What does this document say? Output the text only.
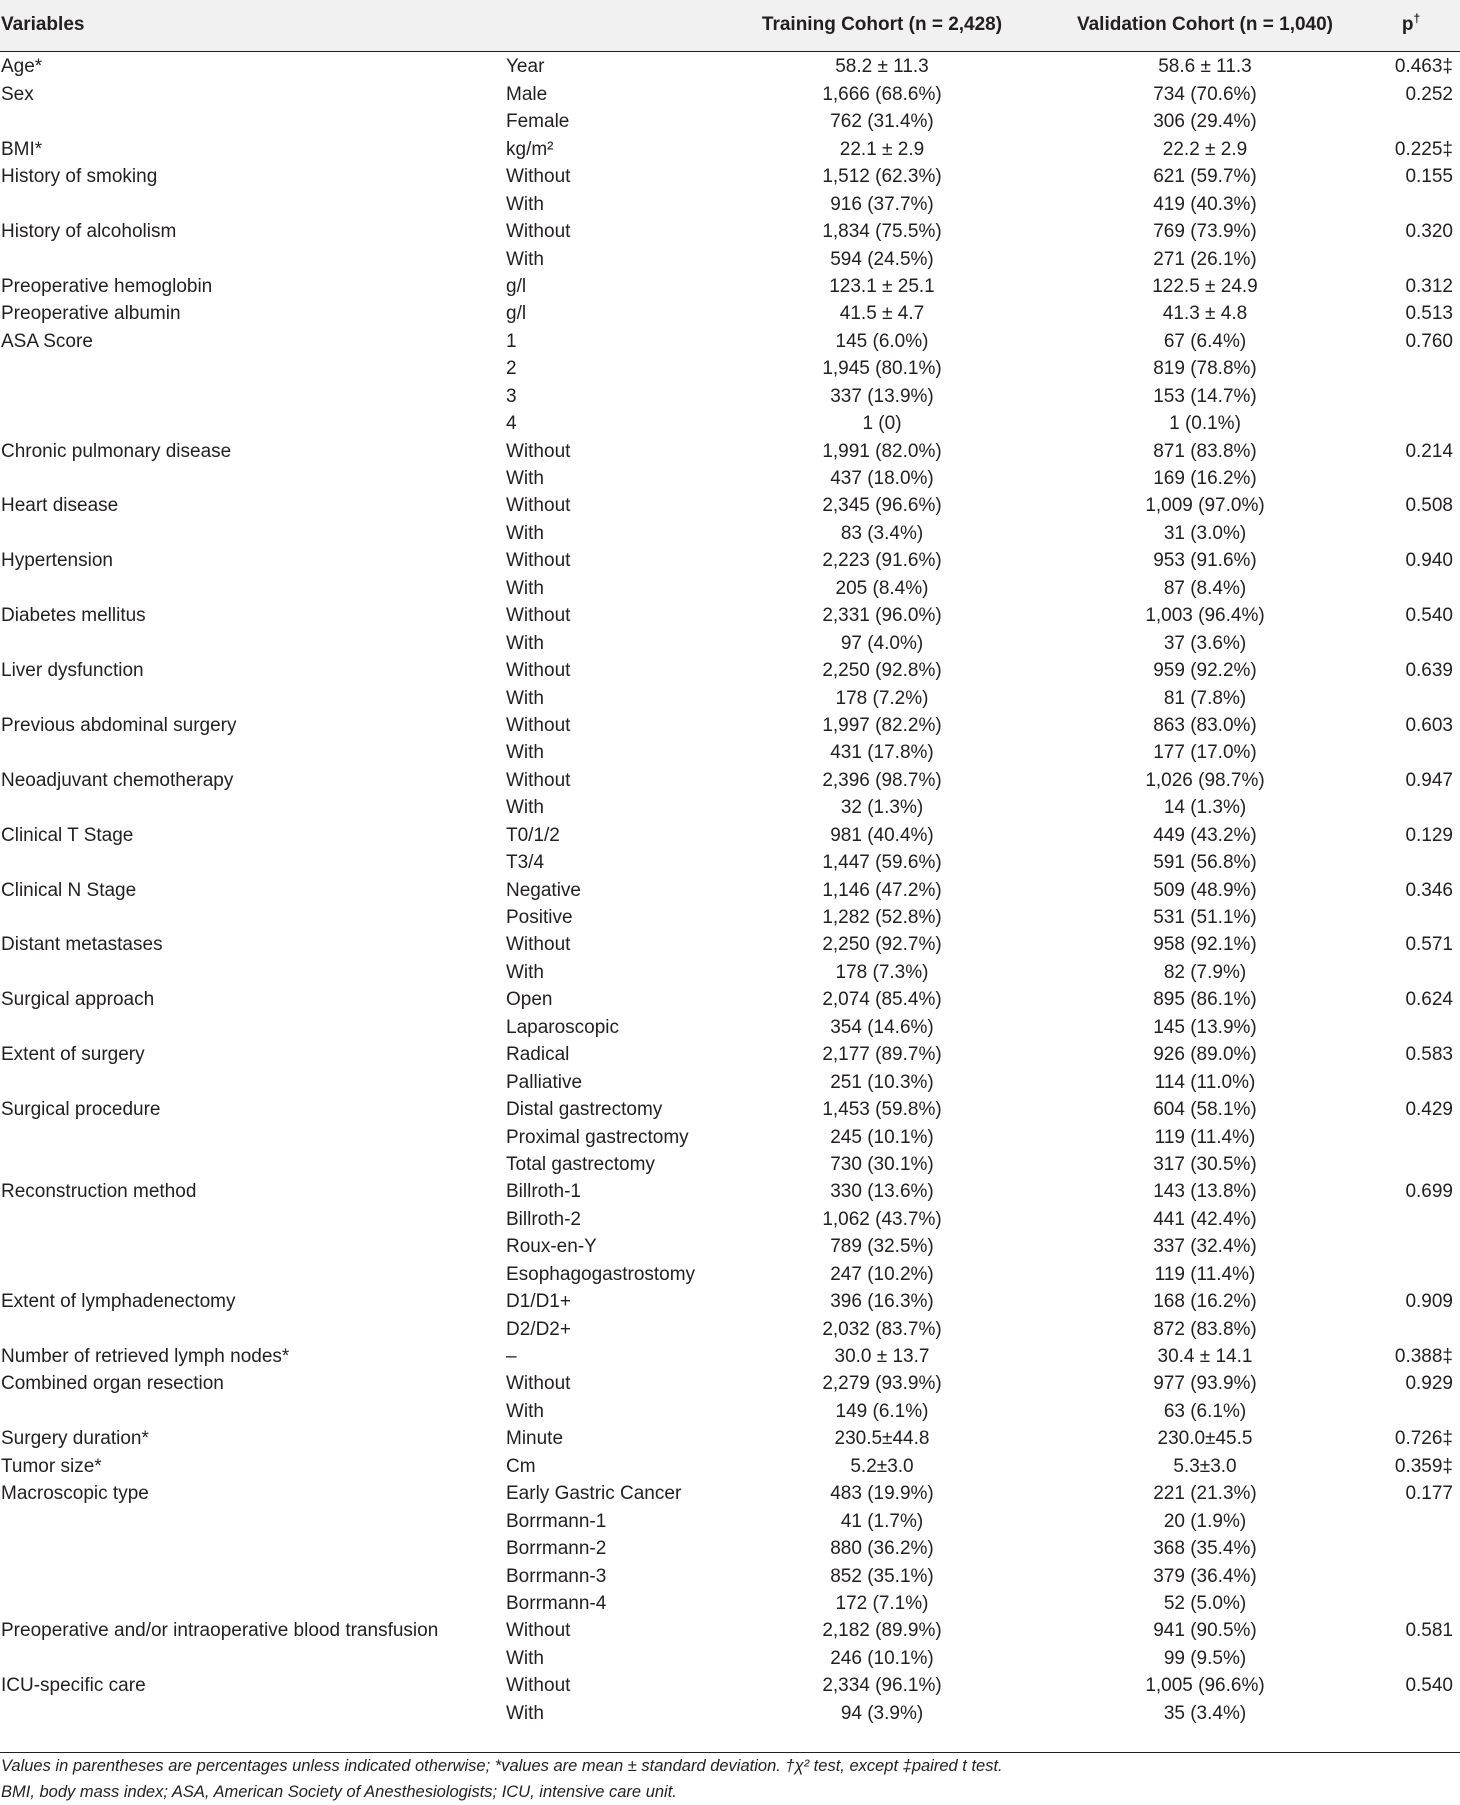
Variables		Training Cohort (n = 2,428)	Validation Cohort (n = 1,040)	p†
Age*	Year	58.2 ± 11.3	58.6 ± 11.3	0.463‡
Sex	Male	1,666 (68.6%)	734 (70.6%)	0.252
	Female	762 (31.4%)	306 (29.4%)	
BMI*	kg/m²	22.1 ± 2.9	22.2 ± 2.9	0.225‡
History of smoking	Without	1,512 (62.3%)	621 (59.7%)	0.155
	With	916 (37.7%)	419 (40.3%)	
History of alcoholism	Without	1,834 (75.5%)	769 (73.9%)	0.320
	With	594 (24.5%)	271 (26.1%)	
Preoperative hemoglobin	g/l	123.1 ± 25.1	122.5 ± 24.9	0.312
Preoperative albumin	g/l	41.5 ± 4.7	41.3 ± 4.8	0.513
ASA Score	1	145 (6.0%)	67 (6.4%)	0.760
	2	1,945 (80.1%)	819 (78.8%)	
	3	337 (13.9%)	153 (14.7%)	
	4	1 (0)	1 (0.1%)	
Chronic pulmonary disease	Without	1,991 (82.0%)	871 (83.8%)	0.214
	With	437 (18.0%)	169 (16.2%)	
Heart disease	Without	2,345 (96.6%)	1,009 (97.0%)	0.508
	With	83 (3.4%)	31 (3.0%)	
Hypertension	Without	2,223 (91.6%)	953 (91.6%)	0.940
	With	205 (8.4%)	87 (8.4%)	
Diabetes mellitus	Without	2,331 (96.0%)	1,003 (96.4%)	0.540
	With	97 (4.0%)	37 (3.6%)	
Liver dysfunction	Without	2,250 (92.8%)	959 (92.2%)	0.639
	With	178 (7.2%)	81 (7.8%)	
Previous abdominal surgery	Without	1,997 (82.2%)	863 (83.0%)	0.603
	With	431 (17.8%)	177 (17.0%)	
Neoadjuvant chemotherapy	Without	2,396 (98.7%)	1,026 (98.7%)	0.947
	With	32 (1.3%)	14 (1.3%)	
Clinical T Stage	T0/1/2	981 (40.4%)	449 (43.2%)	0.129
	T3/4	1,447 (59.6%)	591 (56.8%)	
Clinical N Stage	Negative	1,146 (47.2%)	509 (48.9%)	0.346
	Positive	1,282 (52.8%)	531 (51.1%)	
Distant metastases	Without	2,250 (92.7%)	958 (92.1%)	0.571
	With	178 (7.3%)	82 (7.9%)	
Surgical approach	Open	2,074 (85.4%)	895 (86.1%)	0.624
	Laparoscopic	354 (14.6%)	145 (13.9%)	
Extent of surgery	Radical	2,177 (89.7%)	926 (89.0%)	0.583
	Palliative	251 (10.3%)	114 (11.0%)	
Surgical procedure	Distal gastrectomy	1,453 (59.8%)	604 (58.1%)	0.429
	Proximal gastrectomy	245 (10.1%)	119 (11.4%)	
	Total gastrectomy	730 (30.1%)	317 (30.5%)	
Reconstruction method	Billroth-1	330 (13.6%)	143 (13.8%)	0.699
	Billroth-2	1,062 (43.7%)	441 (42.4%)	
	Roux-en-Y	789 (32.5%)	337 (32.4%)	
	Esophagogastrostomy	247 (10.2%)	119 (11.4%)	
Extent of lymphadenectomy	D1/D1+	396 (16.3%)	168 (16.2%)	0.909
	D2/D2+	2,032 (83.7%)	872 (83.8%)	
Number of retrieved lymph nodes*	–	30.0 ± 13.7	30.4 ± 14.1	0.388‡
Combined organ resection	Without	2,279 (93.9%)	977 (93.9%)	0.929
	With	149 (6.1%)	63 (6.1%)	
Surgery duration*	Minute	230.5±44.8	230.0±45.5	0.726‡
Tumor size*	Cm	5.2±3.0	5.3±3.0	0.359‡
Macroscopic type	Early Gastric Cancer	483 (19.9%)	221 (21.3%)	0.177
	Borrmann-1	41 (1.7%)	20 (1.9%)	
	Borrmann-2	880 (36.2%)	368 (35.4%)	
	Borrmann-3	852 (35.1%)	379 (36.4%)	
	Borrmann-4	172 (7.1%)	52 (5.0%)	
Preoperative and/or intraoperative blood transfusion	Without	2,182 (89.9%)	941 (90.5%)	0.581
	With	246 (10.1%)	99 (9.5%)	
ICU-specific care	Without	2,334 (96.1%)	1,005 (96.6%)	0.540
	With	94 (3.9%)	35 (3.4%)	

Values in parentheses are percentages unless indicated otherwise; *values are mean ± standard deviation. †χ² test, except ‡paired t test.
BMI, body mass index; ASA, American Society of Anesthesiologists; ICU, intensive care unit.
